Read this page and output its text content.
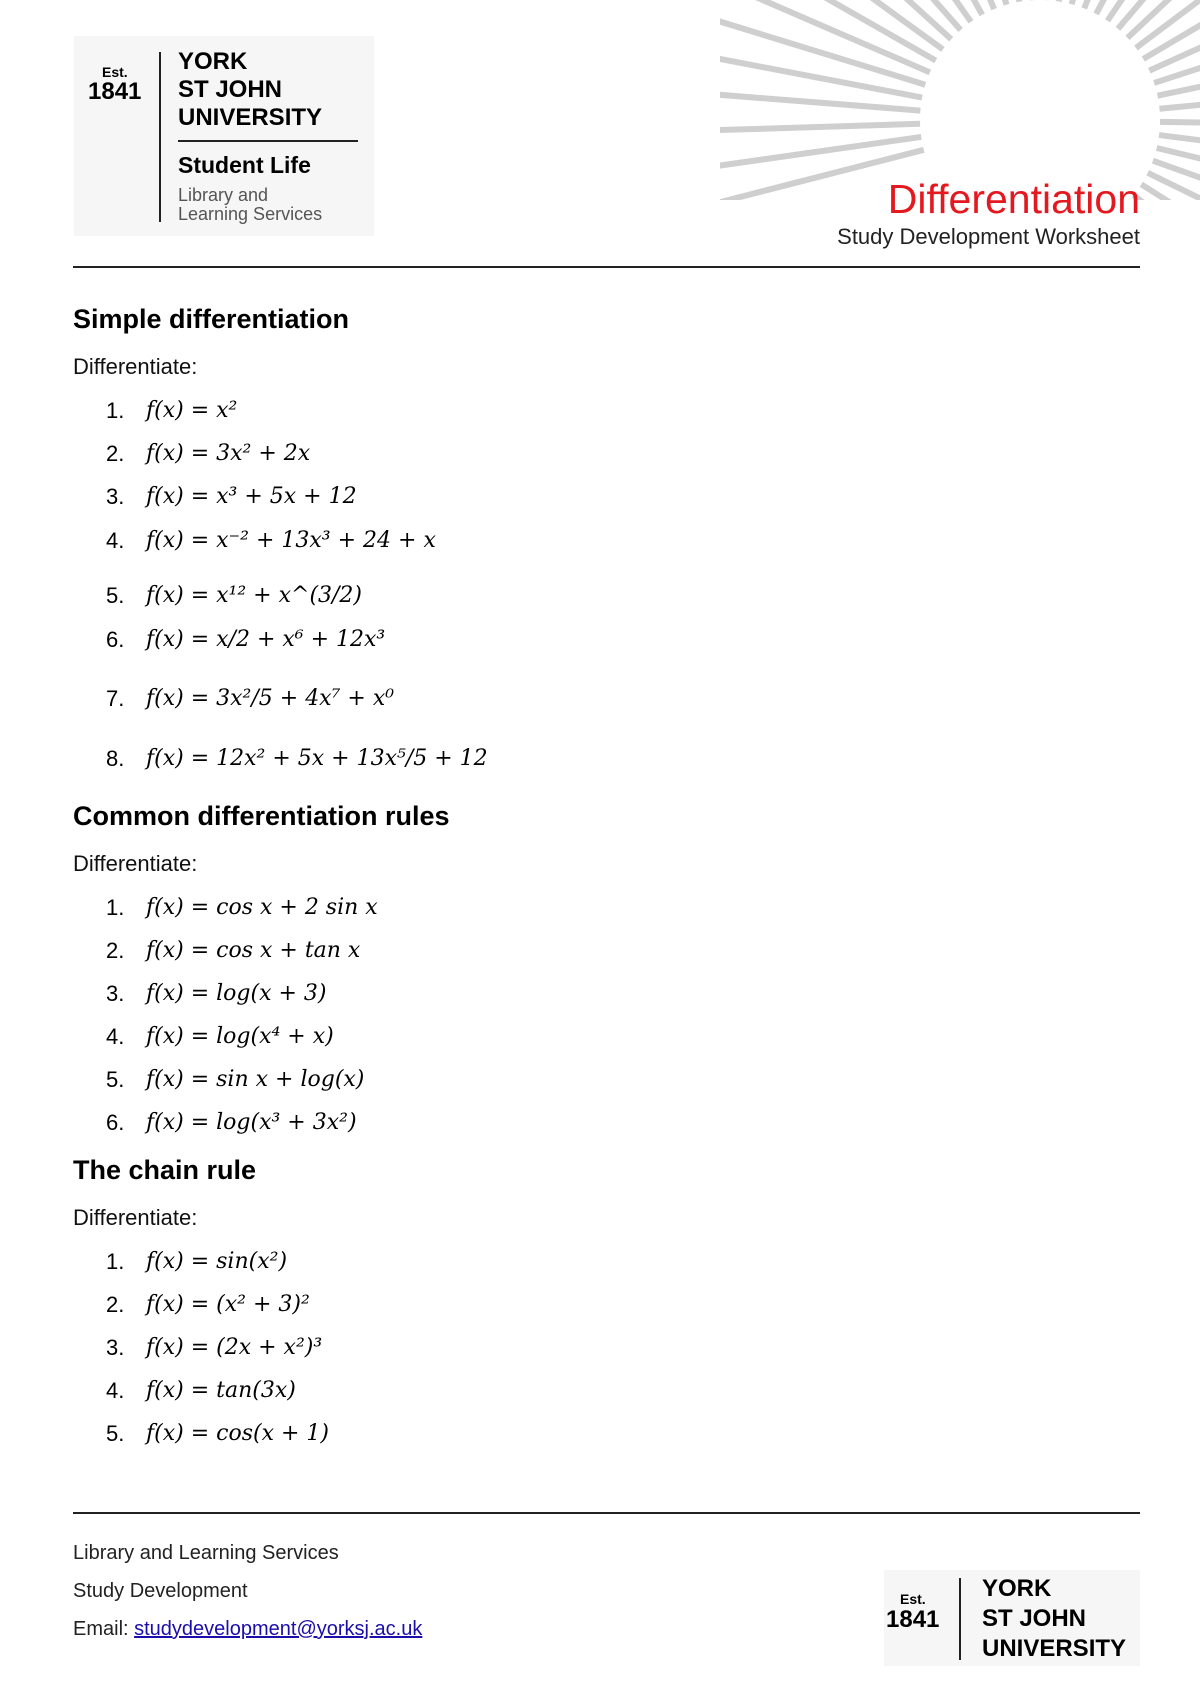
Est.
1841
YORK
ST JOHN
UNIVERSITY
Student Life
Library and
Learning Services	Differentiation
Study Development Worksheet
Simple differentiation
Differentiate:
1. f(x) = x²
2. f(x) = 3x² + 2x
3. f(x) = x³ + 5x + 12
4. f(x) = x⁻² + 13x³ + 24 + x
5. f(x) = x¹² + x^(3/2)
6. f(x) = x/2 + x⁶ + 12x³
7. f(x) = 3x²/5 + 4x⁷ + x⁰
8. f(x) = 12x² + 5x + 13x⁵/5 + 12
Common differentiation rules
Differentiate:
1. f(x) = cos x + 2 sin x
2. f(x) = cos x + tan x
3. f(x) = log(x + 3)
4. f(x) = log(x⁴ + x)
5. f(x) = sin x + log(x)
6. f(x) = log(x³ + 3x²)
The chain rule
Differentiate:
1. f(x) = sin(x²)
2. f(x) = (x² + 3)²
3. f(x) = (2x + x²)³
4. f(x) = tan(3x)
5. f(x) = cos(x + 1)
Library and Learning Services
Study Development
Email: studydevelopment@yorksj.ac.uk
Est.
1841
YORK
ST JOHN
UNIVERSITY
